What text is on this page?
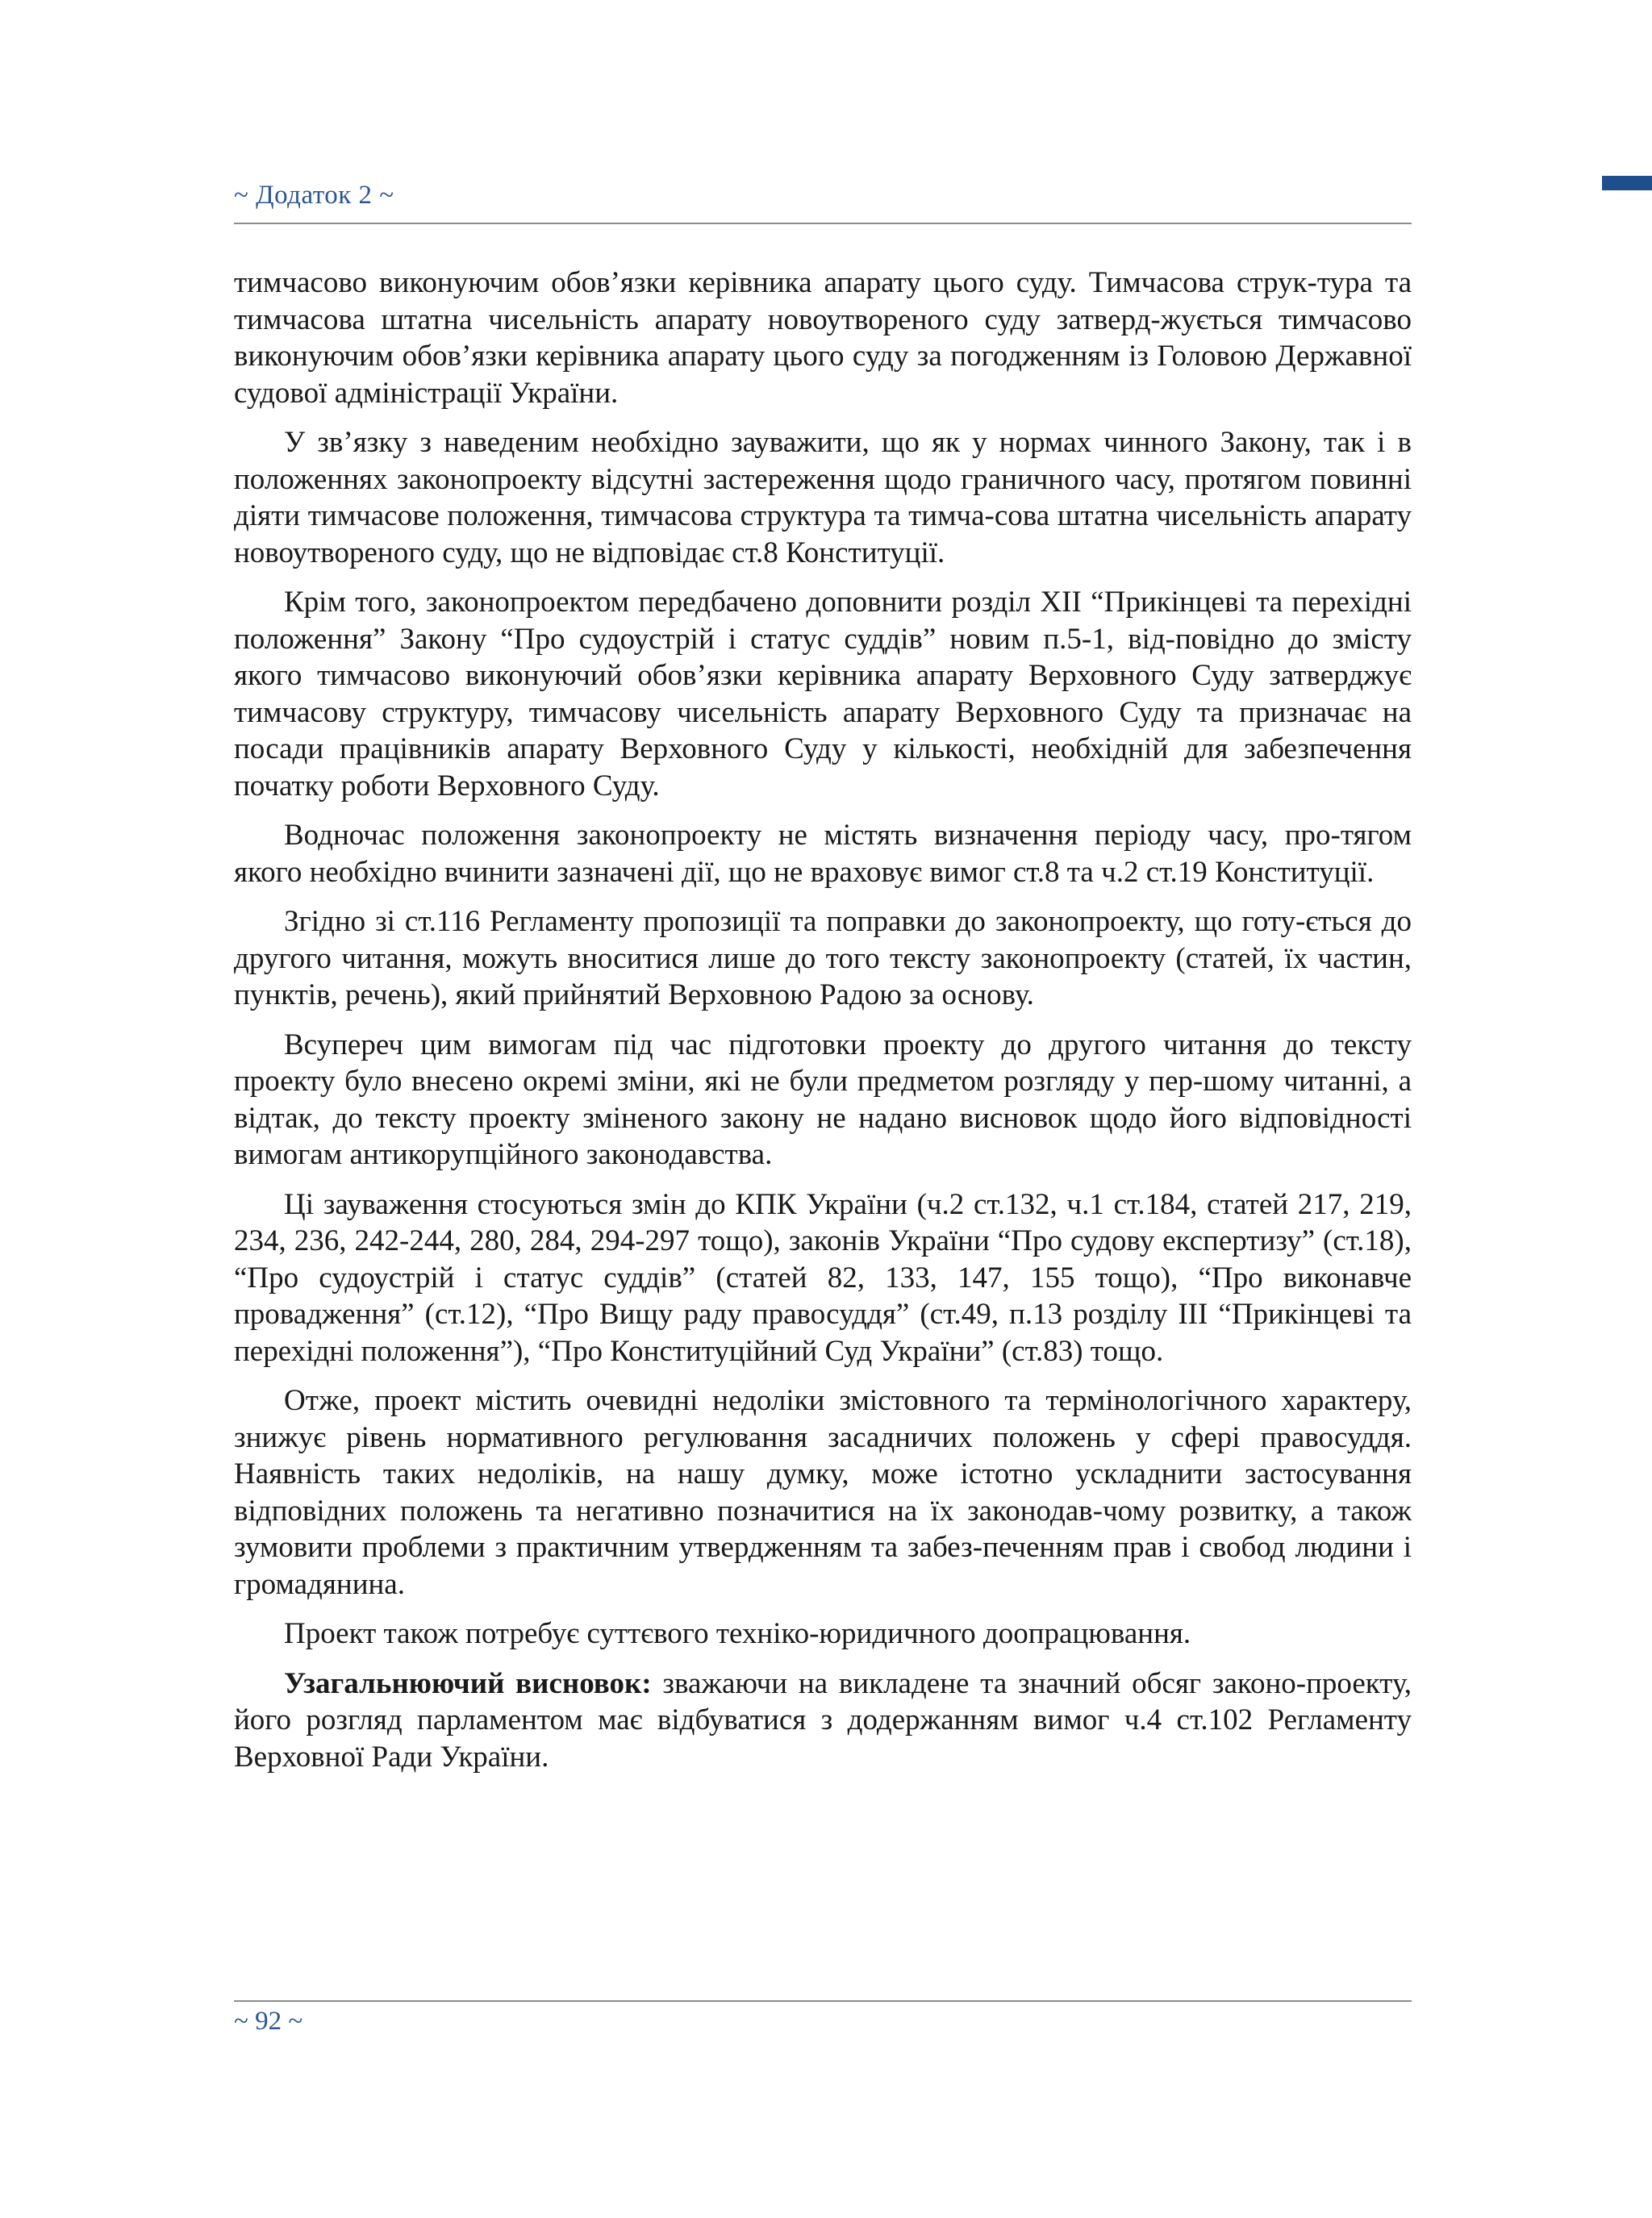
~ Додаток 2 ~

тимчасово виконуючим обов’язки керівника апарату цього суду. Тимчасова струк-тура та тимчасова штатна чисельність апарату новоутвореного суду затверд-жується тимчасово виконуючим обов’язки керівника апарату цього суду за погодженням із Головою Державної судової адміністрації України.

У зв’язку з наведеним необхідно зауважити, що як у нормах чинного Закону, так і в положеннях законопроекту відсутні застереження щодо граничного часу, протягом повинні діяти тимчасове положення, тимчасова структура та тимча-сова штатна чисельність апарату новоутвореного суду, що не відповідає ст.8 Конституції.

Крім того, законопроектом передбачено доповнити розділ XII “Прикінцеві та перехідні положення” Закону “Про судоустрій і статус суддів” новим п.5-1, від-повідно до змісту якого тимчасово виконуючий обов’язки керівника апарату Верховного Суду затверджує тимчасову структуру, тимчасову чисельність апарату Верховного Суду та призначає на посади працівників апарату Верховного Суду у кількості, необхідній для забезпечення початку роботи Верховного Суду.

Водночас положення законопроекту не містять визначення періоду часу, про-тягом якого необхідно вчинити зазначені дії, що не враховує вимог ст.8 та ч.2 ст.19 Конституції.

Згідно зі ст.116 Регламенту пропозиції та поправки до законопроекту, що готу-ється до другого читання, можуть вноситися лише до того тексту законопроекту (статей, їх частин, пунктів, речень), який прийнятий Верховною Радою за основу.

Всупереч цим вимогам під час підготовки проекту до другого читання до тексту проекту було внесено окремі зміни, які не були предметом розгляду у пер-шому читанні, а відтак, до тексту проекту зміненого закону не надано висновок щодо його відповідності вимогам антикорупційного законодавства.

Ці зауваження стосуються змін до КПК України (ч.2 ст.132, ч.1 ст.184, статей 217, 219, 234, 236, 242-244, 280, 284, 294-297 тощо), законів України “Про судову експертизу” (ст.18), “Про судоустрій і статус суддів” (статей 82, 133, 147, 155 тощо), “Про виконавче провадження” (ст.12), “Про Вищу раду правосуддя” (ст.49, п.13 розділу ІІІ “Прикінцеві та перехідні положення”), “Про Конституційний Суд України” (ст.83) тощо.

Отже, проект містить очевидні недоліки змістовного та термінологічного характеру, знижує рівень нормативного регулювання засадничих положень у сфері правосуддя. Наявність таких недоліків, на нашу думку, може істотно ускладнити застосування відповідних положень та негативно позначитися на їх законодав-чому розвитку, а також зумовити проблеми з практичним утвердженням та забез-печенням прав і свобод людини і громадянина.

Проект також потребує суттєвого техніко-юридичного доопрацювання.

Узагальнюючий висновок: зважаючи на викладене та значний обсяг законо-проекту, його розгляд парламентом має відбуватися з додержанням вимог ч.4 ст.102 Регламенту Верховної Ради України.

~ 92 ~
